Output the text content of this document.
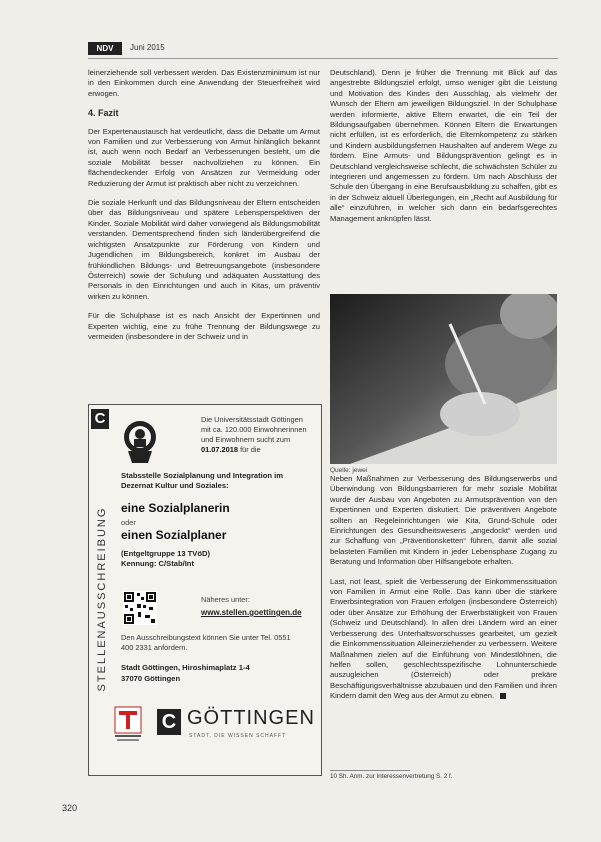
NDV	Juni 2015

leinerziehende soll verbessert werden. Das Existenzminimum ist nur in den Einkommen durch eine Anwendung der Steuerfreiheit wird erwogen.

4. Fazit

Der Expertenaustausch hat verdeutlicht, dass die Debatte um Armut von Familien und zur Verbesserung von Armut hinlänglich bekannt ist, auch wenn noch Bedarf an Verbesserungen besteht, um die soziale Mobilität besser nachvollziehen zu können. Ein flächendeckender Erfolg von Ansätzen zur Vermeidung oder Reduzierung der Armut ist praktisch aber nicht zu verzeichnen.

Die soziale Herkunft und das Bildungsniveau der Eltern entscheiden über das Bildungsniveau und spätere Lebensperspektiven der Kinder. Soziale Mobilität wird daher vorwiegend als Bildungsmobilität verstanden. Dementsprechend finden sich länderübergreifend die wichtigsten Ansatzpunkte zur Förderung von Kindern und Jugendlichen im Bildungsbereich, konkret im Ausbau der frühkindlichen Bildungs- und Betreuungsangebote (insbesondere Österreich) sowie der Schulung und adäquaten Ausstattung des Personals in den Einrichtungen und auch in Kitas, um präventiv wirken zu können.

Für die Schulphase ist es nach Ansicht der Expertinnen und Experten wichtig, eine zu frühe Trennung der Bildungswege zu vermeiden (insbesondere in der Schweiz und in

Deutschland). Denn je früher die Trennung mit Blick auf das angestrebte Bildungsziel erfolgt, umso weniger gibt die Leistung und Motivation des Kindes den Ausschlag, als vielmehr der Wunsch der Eltern am jeweiligen Bildungsziel. In der Schulphase werden informierte, aktive Eltern erwartet, die ein Teil der Bildungsaufgaben übernehmen. Können Eltern die Erwartungen nicht erfüllen, ist es erforderlich, die Elternkompetenz zu stärken und Kindern ausbildungsfernen Haushalten auf anderem Wege zu fördern. Eine Armuts- und Bildungsprävention gelingt es in Deutschland vergleichsweise schlecht, die schwächsten Schüler zu integrieren und angemessen zu fördern. Um nach Abschluss der Schule den Übergang in eine Berufsausbildung zu schaffen, gibt es in der Schweiz aktuell Überlegungen, ein „Recht auf Ausbildung für alle“ einzuführen, in welcher sich dann ein bedarfsgerechtes Management anknüpfen lässt.

Quelle: jewei

Neben Maßnahmen zur Verbesserung des Bildungserwerbs und Überwindung von Bildungsbarrieren für mehr soziale Mobilität wurde der Ausbau von Angeboten zu Armutsprävention von den Expertinnen und Experten diskutiert. Die präventiven Angebote sollten an Regeleinrichtungen wie Kita, Grund-Schule oder Einrichtungen des Gesundheitswesens „angedockt“ werden und zur Schaffung von „Präventionsketten“ führen, damit alle sozial belasteten Familien mit Kindern in jeder Lebensphase Zugang zu Beratung und Information über Hilfsangebote erhalten.

Last, not least, spielt die Verbesserung der Einkommenssituation von Familien in Armut eine Rolle. Das kann über die stärkere Erwerbsintegration von Frauen erfolgen (insbesondere Österreich) oder über Ansätze zur Erhöhung der Erwerbstätigkeit von Frauen (Schweiz und Deutschland). In allen drei Ländern wird an einer Verbesserung des Unterhaltsvorschusses gearbeitet, um gezielt die Einkommenssituation Alleinerziehender zu verbessern. Weitere Maßnahmen zielen auf die Einführung von Mindestlöhnen, die helfen sollen, geschlechtsspezifische Lohnunterschiede auszugleichen (Österreich) oder prekäre Beschäftigungsverhältnisse abzubauen und den Familien und ihren Kindern damit den Weg aus der Armut zu ebnen.

10 Sh. Anm. zur Interessenvertretung S. 2 f.
C
STELLENAUSSCHREIBUNG
Die Universitätsstadt Göttingen mit ca. 120.000 Einwohnerinnen und Einwohnern sucht zum 01.07.2018 für die
Stabsstelle Sozialplanung und Integration im Dezernat Kultur und Soziales:
eine Sozialplanerin
oder
einen Sozialplaner
(Entgeltgruppe 13 TVöD)
Kennung: C/Stab/Int
Näheres unter:
www.stellen.goettingen.de
Den Ausschreibungstext können Sie unter Tel. 0551 400 2331 anfordern.
Stadt Göttingen, Hiroshimaplatz 1-4
37070 Göttingen
C GÖTTINGEN
STADT, DIE WISSEN SCHAFFT
320
